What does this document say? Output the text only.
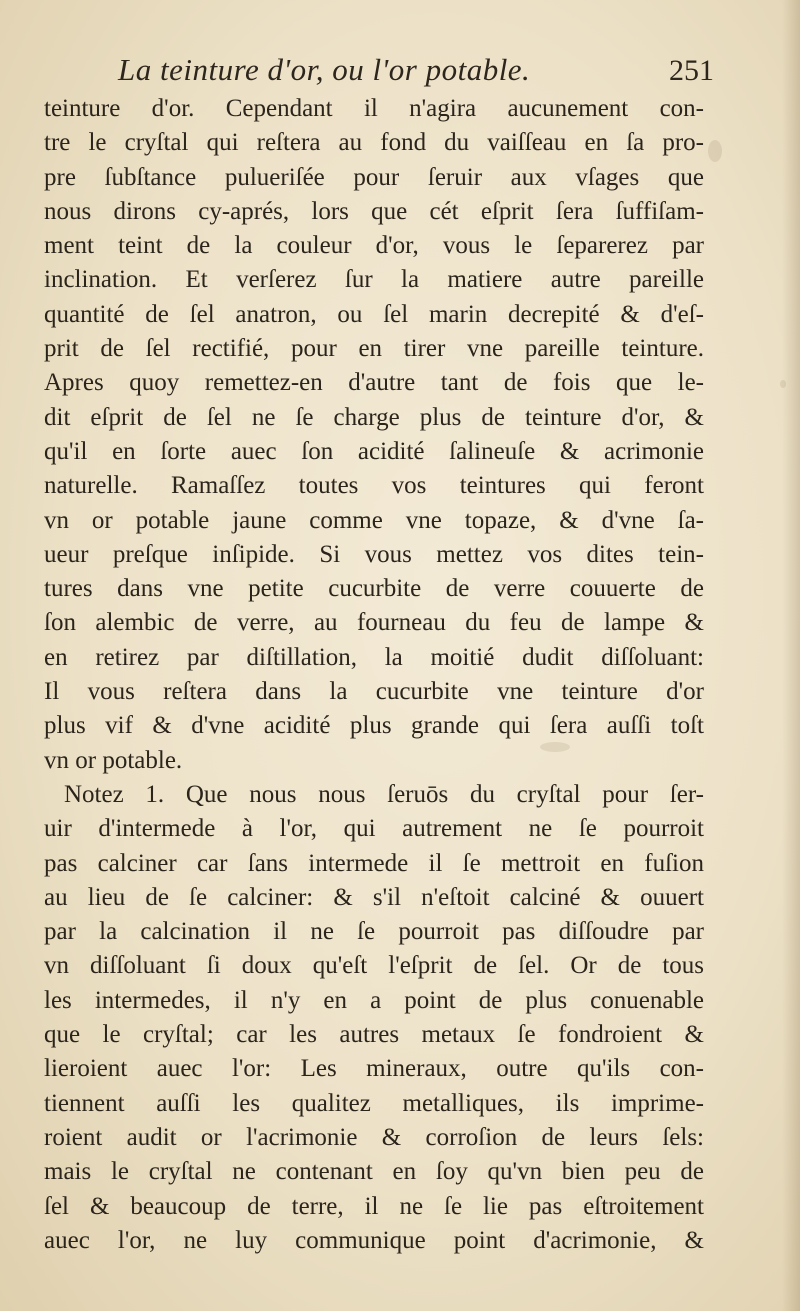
La teinture d'or, ou l'or potable.	251
teinture d'or. Cependant il n'agira aucunement con-
tre le cryſtal qui reſtera au fond du vaiſſeau en ſa pro-
pre ſubſtance pulueriſée pour ſeruir aux vſages que
nous dirons cy-aprés, lors que cét eſprit ſera ſuffiſam-
ment teint de la couleur d'or, vous le ſeparerez par
inclination. Et verſerez ſur la matiere autre pareille
quantité de ſel anatron, ou ſel marin decrepité & d'eſ-
prit de ſel rectifié, pour en tirer vne pareille teinture.
Apres quoy remettez-en d'autre tant de fois que le-
dit eſprit de ſel ne ſe charge plus de teinture d'or, &
qu'il en ſorte auec ſon acidité ſalineuſe & acrimonie
naturelle. Ramaſſez toutes vos teintures qui feront
vn or potable jaune comme vne topaze, & d'vne ſa-
ueur preſque inſipide. Si vous mettez vos dites tein-
tures dans vne petite cucurbite de verre couuerte de
ſon alembic de verre, au fourneau du feu de lampe &
en retirez par diſtillation, la moitié dudit diſſoluant:
Il vous reſtera dans la cucurbite vne teinture d'or
plus vif & d'vne acidité plus grande qui ſera auſſi toſt
vn or potable.
Notez 1. Que nous nous ſeruōs du cryſtal pour ſer-
uir d'intermede à l'or, qui autrement ne ſe pourroit
pas calciner car ſans intermede il ſe mettroit en fuſion
au lieu de ſe calciner: & s'il n'eſtoit calciné & ouuert
par la calcination il ne ſe pourroit pas diſſoudre par
vn diſſoluant ſi doux qu'eſt l'eſprit de ſel. Or de tous
les intermedes, il n'y en a point de plus conuenable
que le cryſtal; car les autres metaux ſe fondroient &
lieroient auec l'or: Les mineraux, outre qu'ils con-
tiennent auſſi les qualitez metalliques, ils imprime-
roient audit or l'acrimonie & corroſion de leurs ſels:
mais le cryſtal ne contenant en ſoy qu'vn bien peu de
ſel & beaucoup de terre, il ne ſe lie pas eſtroitement
auec l'or, ne luy communique point d'acrimonie, &
